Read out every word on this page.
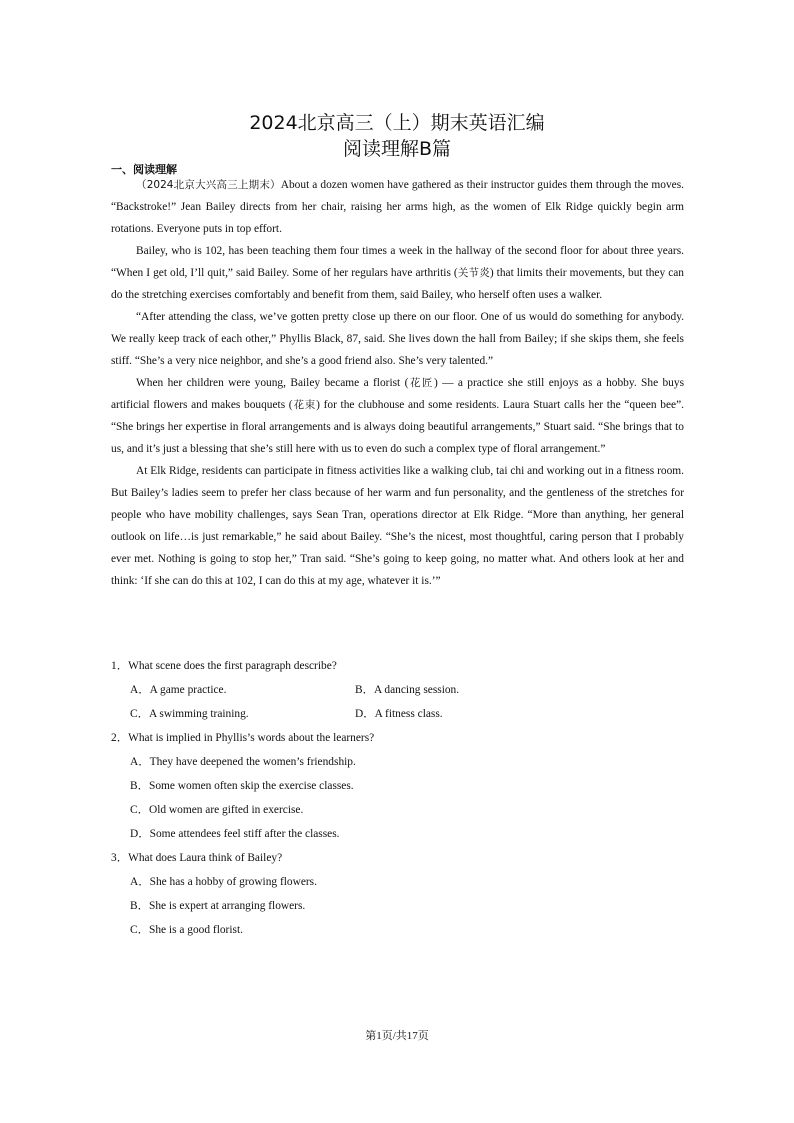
2024北京高三（上）期末英语汇编
阅读理解B篇
一、阅读理解

（2024北京大兴高三上期末）About a dozen women have gathered as their instructor guides them through the moves. “Backstroke!” Jean Bailey directs from her chair, raising her arms high, as the women of Elk Ridge quickly begin arm rotations. Everyone puts in top effort.

Bailey, who is 102, has been teaching them four times a week in the hallway of the second floor for about three years. “When I get old, I’ll quit,” said Bailey. Some of her regulars have arthritis (关节炎) that limits their movements, but they can do the stretching exercises comfortably and benefit from them, said Bailey, who herself often uses a walker.

“After attending the class, we’ve gotten pretty close up there on our floor. One of us would do something for anybody. We really keep track of each other,” Phyllis Black, 87, said. She lives down the hall from Bailey; if she skips them, she feels stiff. “She’s a very nice neighbor, and she’s a good friend also. She’s very talented.”

When her children were young, Bailey became a florist (花匠) — a practice she still enjoys as a hobby. She buys artificial flowers and makes bouquets (花束) for the clubhouse and some residents. Laura Stuart calls her the “queen bee”. “She brings her expertise in floral arrangements and is always doing beautiful arrangements,” Stuart said. “She brings that to us, and it’s just a blessing that she’s still here with us to even do such a complex type of floral arrangement.”

At Elk Ridge, residents can participate in fitness activities like a walking club, tai chi and working out in a fitness room. But Bailey’s ladies seem to prefer her class because of her warm and fun personality, and the gentleness of the stretches for people who have mobility challenges, says Sean Tran, operations director at Elk Ridge. “More than anything, her general outlook on life…is just remarkable,” he said about Bailey. “She’s the nicest, most thoughtful, caring person that I probably ever met. Nothing is going to stop her,” Tran said. “She’s going to keep going, no matter what. And others look at her and think: ‘If she can do this at 102, I can do this at my age, whatever it is.’”

1．What scene does the first paragraph describe?
A．A game practice.	B．A dancing session.
C．A swimming training.	D．A fitness class.
2．What is implied in Phyllis’s words about the learners?
A．They have deepened the women’s friendship.
B．Some women often skip the exercise classes.
C．Old women are gifted in exercise.
D．Some attendees feel stiff after the classes.
3．What does Laura think of Bailey?
A．She has a hobby of growing flowers.
B．She is expert at arranging flowers.
C．She is a good florist.
第1页/共17页
